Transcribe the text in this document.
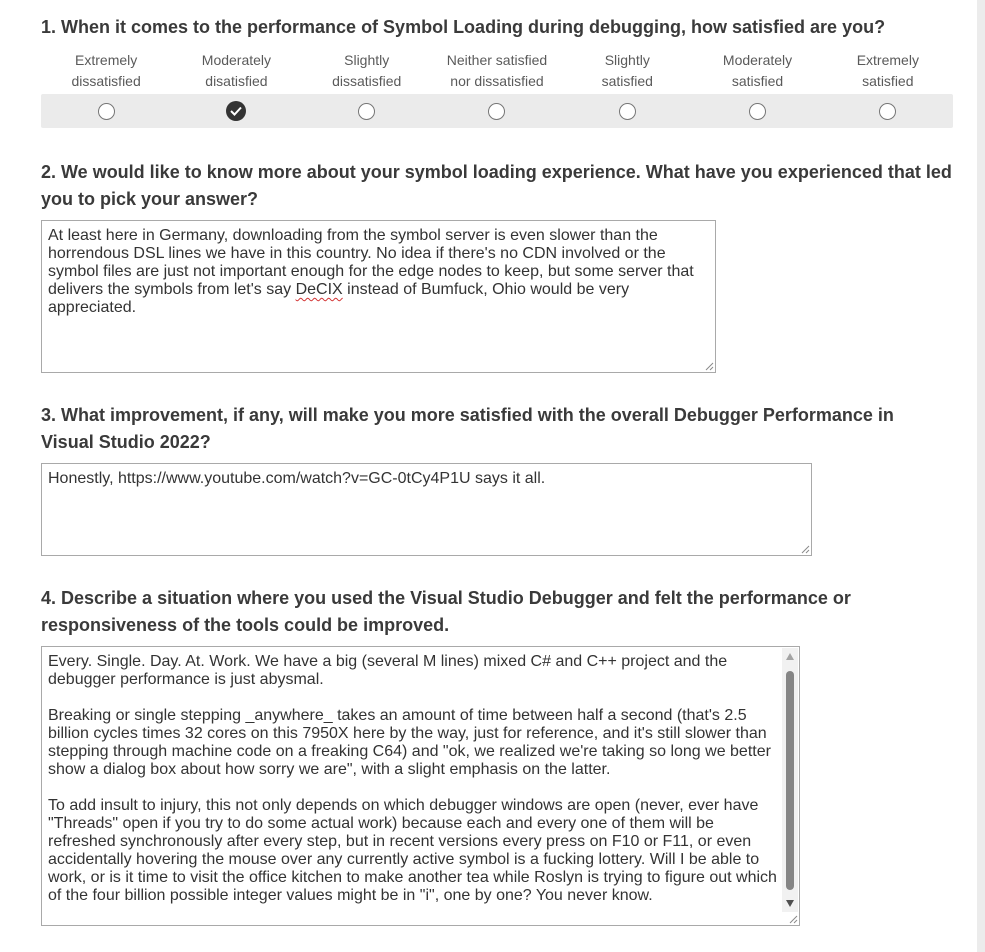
1. When it comes to the performance of Symbol Loading during debugging, how satisfied are you?
Extremely
dissatisfied
Moderately
disatisfied
Slightly
dissatisfied
Neither satisfied
nor dissatisfied
Slightly
satisfied
Moderately
satisfied
Extremely
satisfied
2. We would like to know more about your symbol loading experience. What have you experienced that led
you to pick your answer?
At least here in Germany, downloading from the symbol server is even slower than the
horrendous DSL lines we have in this country. No idea if there's no CDN involved or the
symbol files are just not important enough for the edge nodes to keep, but some server that
delivers the symbols from let's say DeCIX instead of Bumfuck, Ohio would be very
appreciated.

3. What improvement, if any, will make you more satisfied with the overall Debugger Performance in
Visual Studio 2022?
Honestly, https://www.youtube.com/watch?v=GC-0tCy4P1U says it all.

4. Describe a situation where you used the Visual Studio Debugger and felt the performance or
responsiveness of the tools could be improved.
Every. Single. Day. At. Work. We have a big (several M lines) mixed C# and C++ project and the
debugger performance is just abysmal.

Breaking or single stepping _anywhere_ takes an amount of time between half a second (that's 2.5
billion cycles times 32 cores on this 7950X here by the way, just for reference, and it's still slower than
stepping through machine code on a freaking C64) and "ok, we realized we're taking so long we better
show a dialog box about how sorry we are", with a slight emphasis on the latter.

To add insult to injury, this not only depends on which debugger windows are open (never, ever have
"Threads" open if you try to do some actual work) because each and every one of them will be
refreshed synchronously after every step, but in recent versions every press on F10 or F11, or even
accidentally hovering the mouse over any currently active symbol is a fucking lottery. Will I be able to
work, or is it time to visit the office kitchen to make another tea while Roslyn is trying to figure out which
of the four billion possible integer values might be in "i", one by one? You never know.
